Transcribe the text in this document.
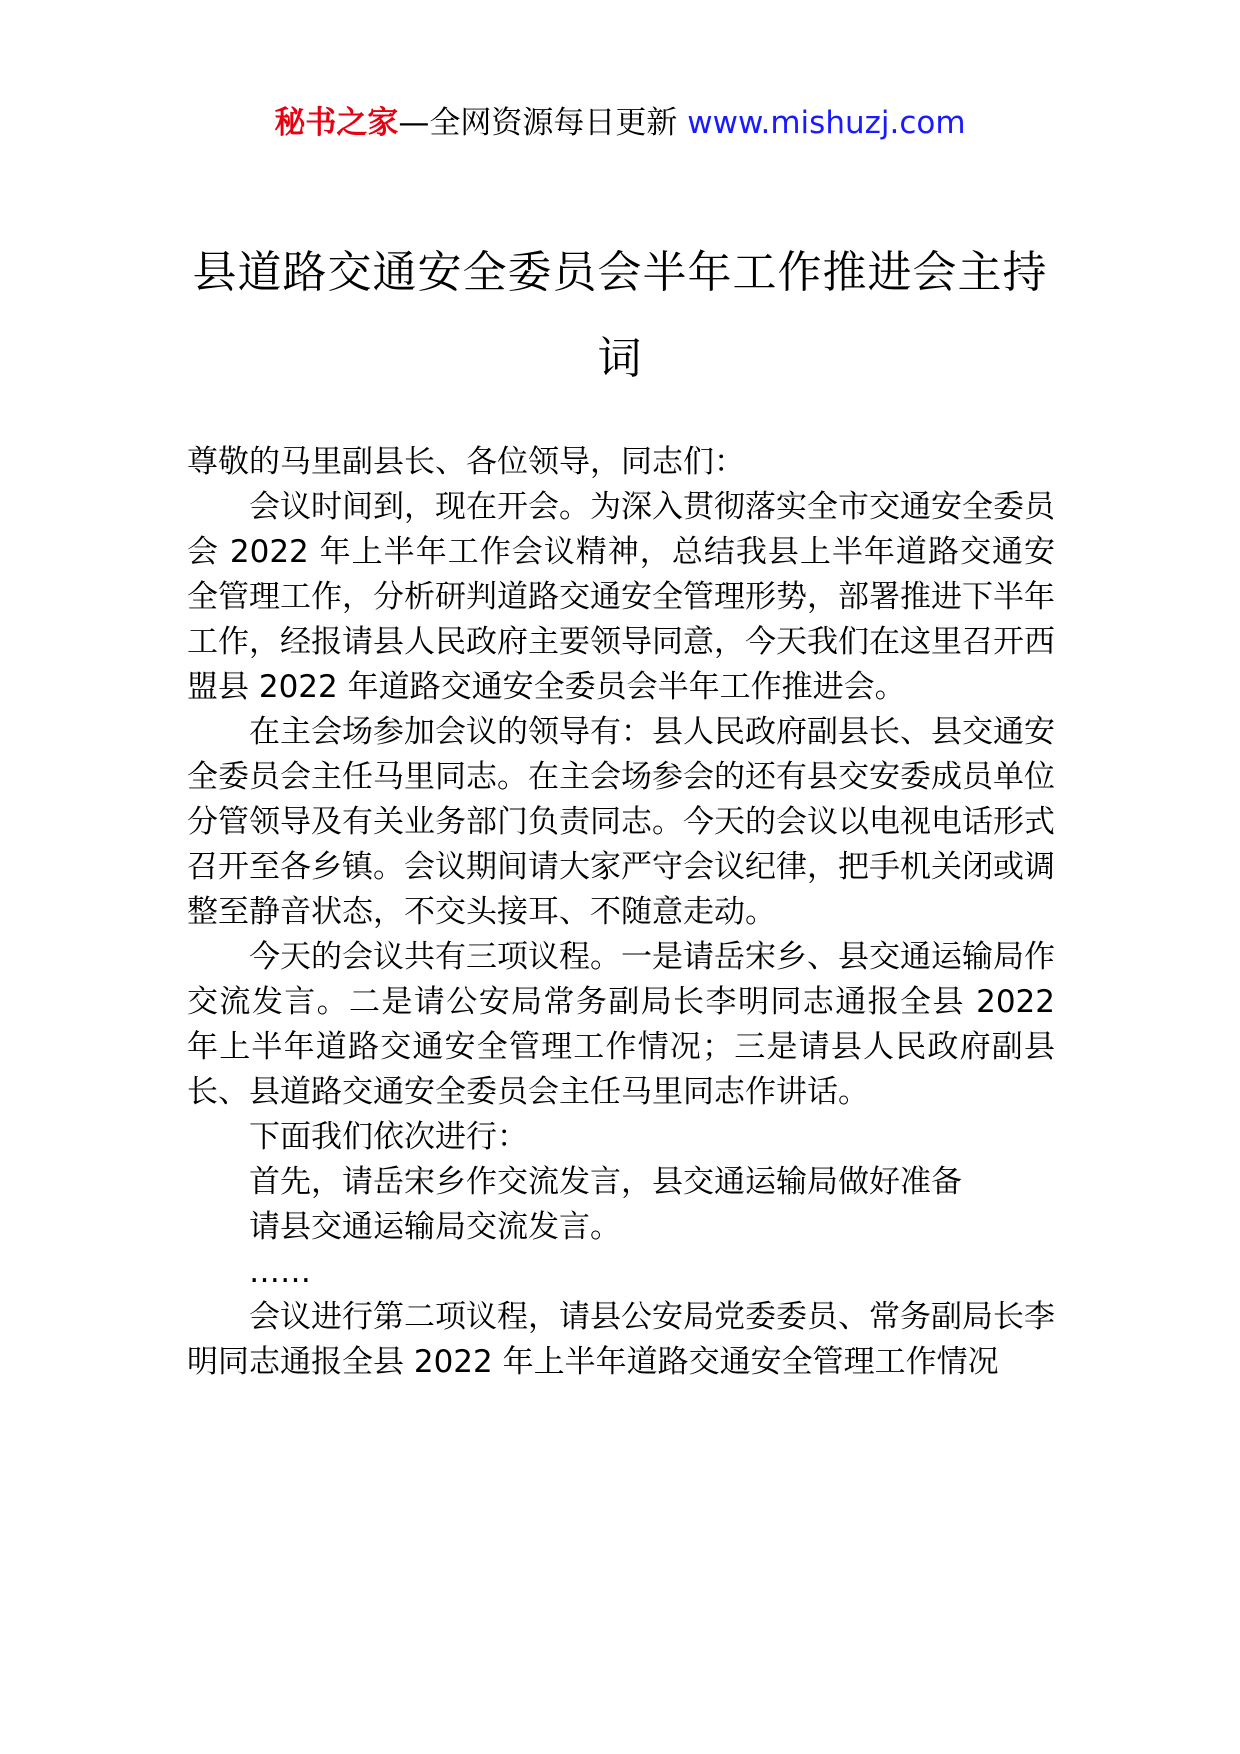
秘书之家—全网资源每日更新 www.mishuzj.com
县道路交通安全委员会半年工作推进会主持词

尊敬的马里副县长、各位领导，同志们：

会议时间到，现在开会。为深入贯彻落实全市交通安全委员会 2022 年上半年工作会议精神，总结我县上半年道路交通安全管理工作，分析研判道路交通安全管理形势，部署推进下半年工作，经报请县人民政府主要领导同意，今天我们在这里召开西盟县 2022 年道路交通安全委员会半年工作推进会。

在主会场参加会议的领导有：县人民政府副县长、县交通安全委员会主任马里同志。在主会场参会的还有县交安委成员单位分管领导及有关业务部门负责同志。今天的会议以电视电话形式召开至各乡镇。会议期间请大家严守会议纪律，把手机关闭或调整至静音状态，不交头接耳、不随意走动。

今天的会议共有三项议程。一是请岳宋乡、县交通运输局作交流发言。二是请公安局常务副局长李明同志通报全县 2022 年上半年道路交通安全管理工作情况；三是请县人民政府副县长、县道路交通安全委员会主任马里同志作讲话。

下面我们依次进行：

首先，请岳宋乡作交流发言，县交通运输局做好准备

请县交通运输局交流发言。

……

会议进行第二项议程，请县公安局党委委员、常务副局长李明同志通报全县 2022 年上半年道路交通安全管理工作情况
